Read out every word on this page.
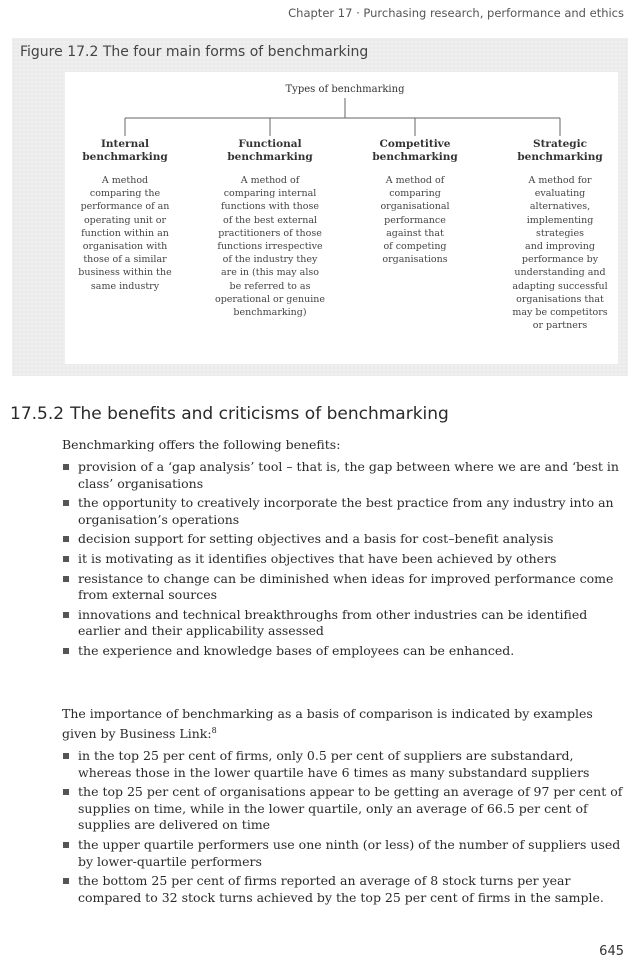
Chapter 17 · Purchasing research, performance and ethics
Figure 17.2 The four main forms of benchmarking
Types of benchmarking
Internal
benchmarking
A method
comparing the
performance of an
operating unit or
function within an
organisation with
those of a similar
business within the
same industry
Functional
benchmarking
A method of
comparing internal
functions with those
of the best external
practitioners of those
functions irrespective
of the industry they
are in (this may also
be referred to as
operational or genuine
benchmarking)
Competitive
benchmarking
A method of
comparing
organisational
performance
against that
of competing
organisations
Strategic
benchmarking
A method for
evaluating
alternatives,
implementing
strategies
and improving
performance by
understanding and
adapting successful
organisations that
may be competitors
or partners
17.5.2 The benefits and criticisms of benchmarking
Benchmarking offers the following benefits:
provision of a ‘gap analysis’ tool – that is, the gap between where we are and ‘best in class’ organisations
the opportunity to creatively incorporate the best practice from any industry into an organisation’s operations
decision support for setting objectives and a basis for cost–benefit analysis
it is motivating as it identifies objectives that have been achieved by others
resistance to change can be diminished when ideas for improved performance come from external sources
innovations and technical breakthroughs from other industries can be identified earlier and their applicability assessed
the experience and knowledge bases of employees can be enhanced.
The importance of benchmarking as a basis of comparison is indicated by examples given by Business Link:$^8$
in the top 25 per cent of firms, only 0.5 per cent of suppliers are substandard, whereas those in the lower quartile have 6 times as many substandard suppliers
the top 25 per cent of organisations appear to be getting an average of 97 per cent of supplies on time, while in the lower quartile, only an average of 66.5 per cent of supplies are delivered on time
the upper quartile performers use one ninth (or less) of the number of suppliers used by lower-quartile performers
the bottom 25 per cent of firms reported an average of 8 stock turns per year compared to 32 stock turns achieved by the top 25 per cent of firms in the sample.
645
